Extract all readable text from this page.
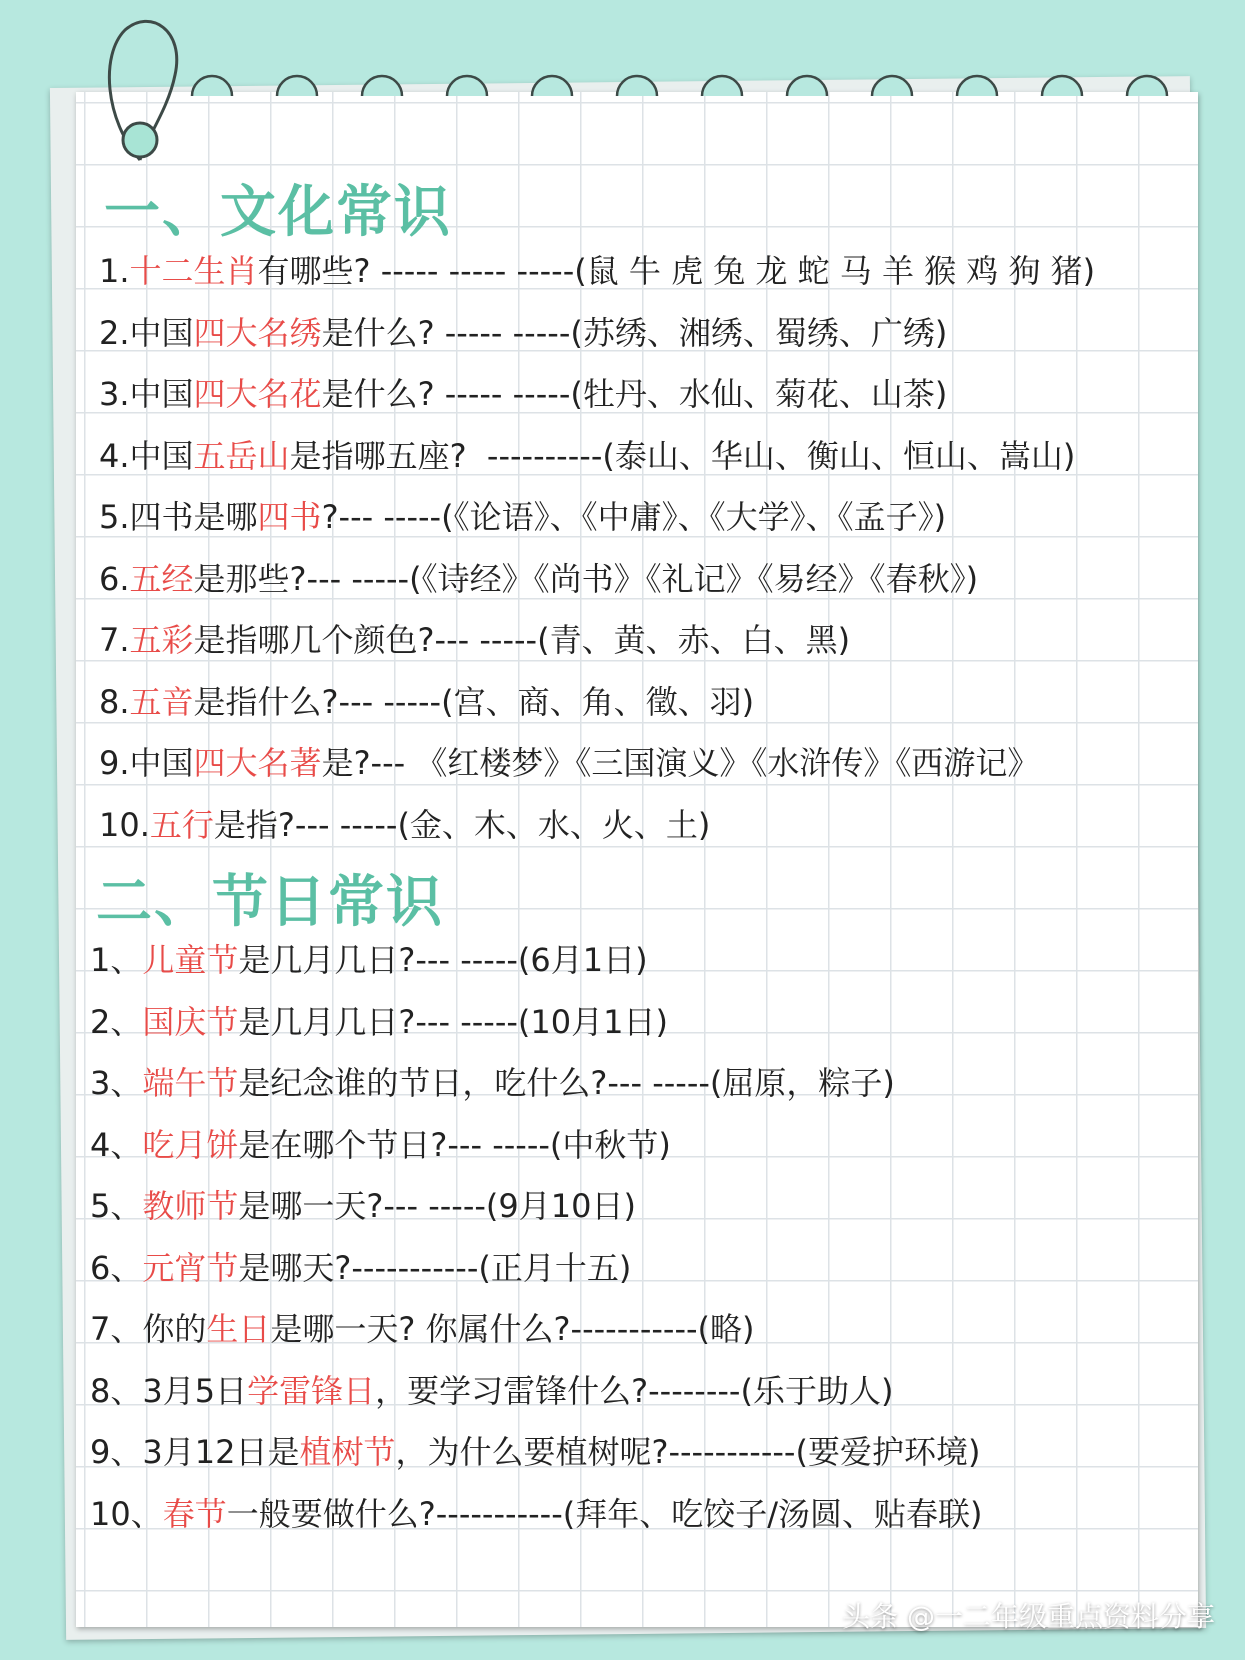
一、文化常识
1.十二生肖有哪些? ----- ----- -----(鼠 牛 虎 兔 龙 蛇 马 羊 猴 鸡 狗 猪)
2.中国四大名绣是什么? ----- -----(苏绣、湘绣、蜀绣、广绣)
3.中国四大名花是什么? ----- -----(牡丹、水仙、菊花、山茶)
4.中国五岳山是指哪五座?  ----------(泰山、华山、衡山、恒山、嵩山)
5.四书是哪四书?--- -----(《论语》、《中庸》、《大学》、《孟子》)
6.五经是那些?--- -----(《诗经》《尚书》《礼记》《易经》《春秋》)
7.五彩是指哪几个颜色?--- -----(青、黄、赤、白、黑)
8.五音是指什么?--- -----(宫、商、角、徵、羽)
9.中国四大名著是?--- 《红楼梦》《三国演义》《水浒传》《西游记》
10.五行是指?--- -----(金、木、水、火、土)
二、节日常识
1、儿童节是几月几日?--- -----(6月1日)
2、国庆节是几月几日?--- -----(10月1日)
3、端午节是纪念谁的节日，吃什么?--- -----(屈原，粽子)
4、吃月饼是在哪个节日?--- -----(中秋节)
5、教师节是哪一天?--- -----(9月10日)
6、元宵节是哪天?-----------(正月十五)
7、你的生日是哪一天? 你属什么?-----------(略)
8、3月5日学雷锋日，要学习雷锋什么?--------(乐于助人)
9、3月12日是植树节，为什么要植树呢?-----------(要爱护环境)
10、春节一般要做什么?-----------(拜年、吃饺子/汤圆、贴春联)
头条 @一二年级重点资料分享
